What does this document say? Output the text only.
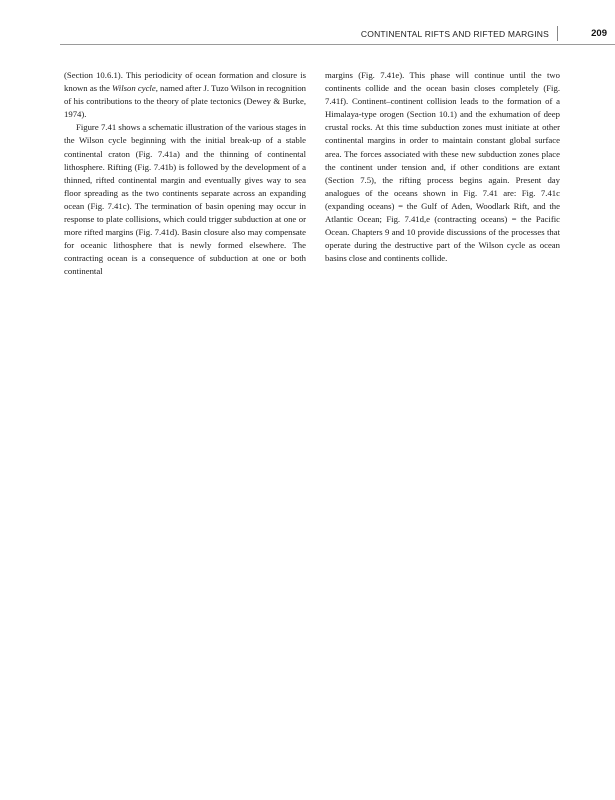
CONTINENTAL RIFTS AND RIFTED MARGINS	209

(Section 10.6.1). This periodicity of ocean formation and closure is known as the Wilson cycle, named after J. Tuzo Wilson in recognition of his contributions to the theory of plate tectonics (Dewey & Burke, 1974).

Figure 7.41 shows a schematic illustration of the various stages in the Wilson cycle beginning with the initial break-up of a stable continental craton (Fig. 7.41a) and the thinning of continental lithosphere. Rifting (Fig. 7.41b) is followed by the development of a thinned, rifted continental margin and eventually gives way to sea floor spreading as the two continents separate across an expanding ocean (Fig. 7.41c). The termination of basin opening may occur in response to plate collisions, which could trigger subduction at one or more rifted margins (Fig. 7.41d). Basin closure also may compensate for oceanic lithosphere that is newly formed elsewhere. The contracting ocean is a consequence of subduction at one or both continental

margins (Fig. 7.41e). This phase will continue until the two continents collide and the ocean basin closes completely (Fig. 7.41f). Continent–continent collision leads to the formation of a Himalaya-type orogen (Section 10.1) and the exhumation of deep crustal rocks. At this time subduction zones must initiate at other continental margins in order to maintain constant global surface area. The forces associated with these new subduction zones place the continent under tension and, if other conditions are extant (Section 7.5), the rifting process begins again. Present day analogues of the oceans shown in Fig. 7.41 are: Fig. 7.41c (expanding oceans) = the Gulf of Aden, Woodlark Rift, and the Atlantic Ocean; Fig. 7.41d,e (contracting oceans) = the Pacific Ocean. Chapters 9 and 10 provide discussions of the processes that operate during the destructive part of the Wilson cycle as ocean basins close and continents collide.
